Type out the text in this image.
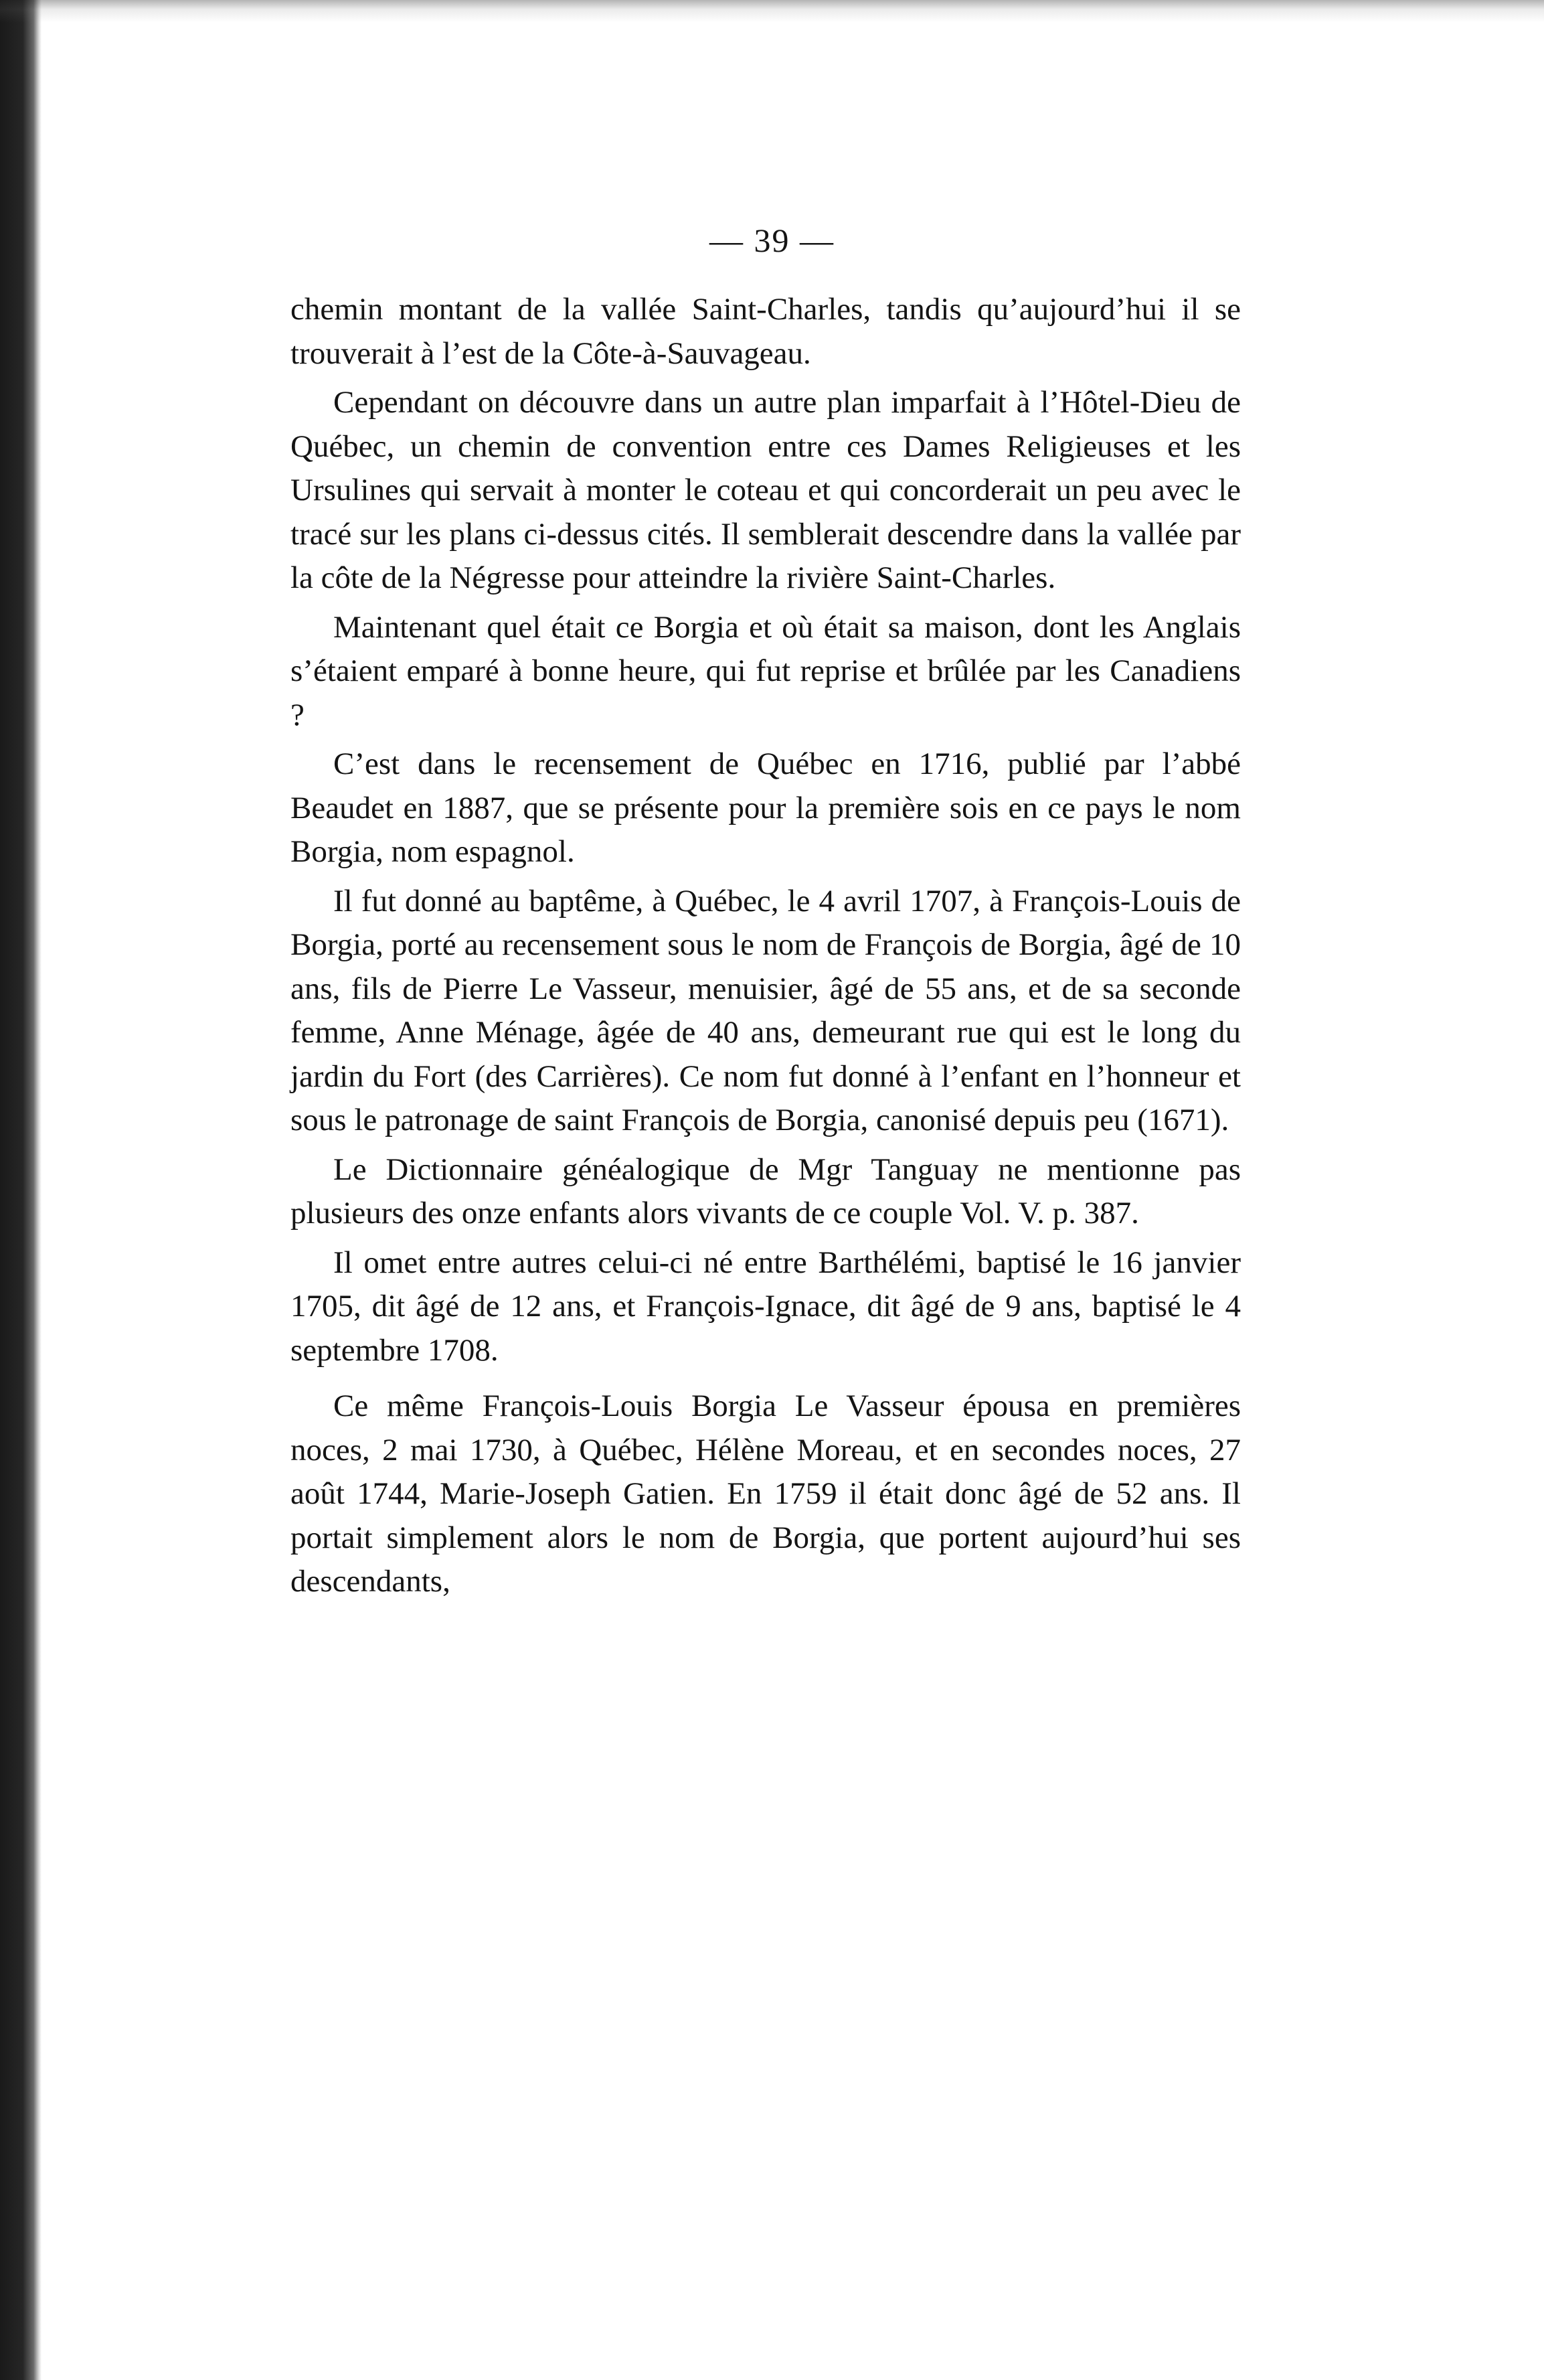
— 39 —

chemin montant de la vallée Saint-Charles, tandis qu’aujourd’hui il se trouverait à l’est de la Côte-à-Sauvageau.

Cependant on découvre dans un autre plan imparfait à l’Hôtel-Dieu de Québec, un chemin de convention entre ces Dames Religieuses et les Ursulines qui servait à monter le coteau et qui concorderait un peu avec le tracé sur les plans ci-dessus cités. Il semblerait descendre dans la vallée par la côte de la Négresse pour atteindre la rivière Saint-Charles.

Maintenant quel était ce Borgia et où était sa maison, dont les Anglais s’étaient emparé à bonne heure, qui fut reprise et brûlée par les Canadiens ?

C’est dans le recensement de Québec en 1716, publié par l’abbé Beaudet en 1887, que se présente pour la première sois en ce pays le nom Borgia, nom espagnol.

Il fut donné au baptême, à Québec, le 4 avril 1707, à François-Louis de Borgia, porté au recensement sous le nom de François de Borgia, âgé de 10 ans, fils de Pierre Le Vasseur, menuisier, âgé de 55 ans, et de sa seconde femme, Anne Ménage, âgée de 40 ans, demeurant rue qui est le long du jardin du Fort (des Carrières). Ce nom fut donné à l’enfant en l’honneur et sous le patronage de saint François de Borgia, canonisé depuis peu (1671).

Le Dictionnaire généalogique de Mgr Tanguay ne mentionne pas plusieurs des onze enfants alors vivants de ce couple Vol. V. p. 387.

Il omet entre autres celui-ci né entre Barthélémi, baptisé le 16 janvier 1705, dit âgé de 12 ans, et François-Ignace, dit âgé de 9 ans, baptisé le 4 septembre 1708.

Ce même François-Louis Borgia Le Vasseur épousa en premières noces, 2 mai 1730, à Québec, Hélène Moreau, et en secondes noces, 27 août 1744, Marie-Joseph Gatien. En 1759 il était donc âgé de 52 ans. Il portait simplement alors le nom de Borgia, que portent aujourd’hui ses descendants,
